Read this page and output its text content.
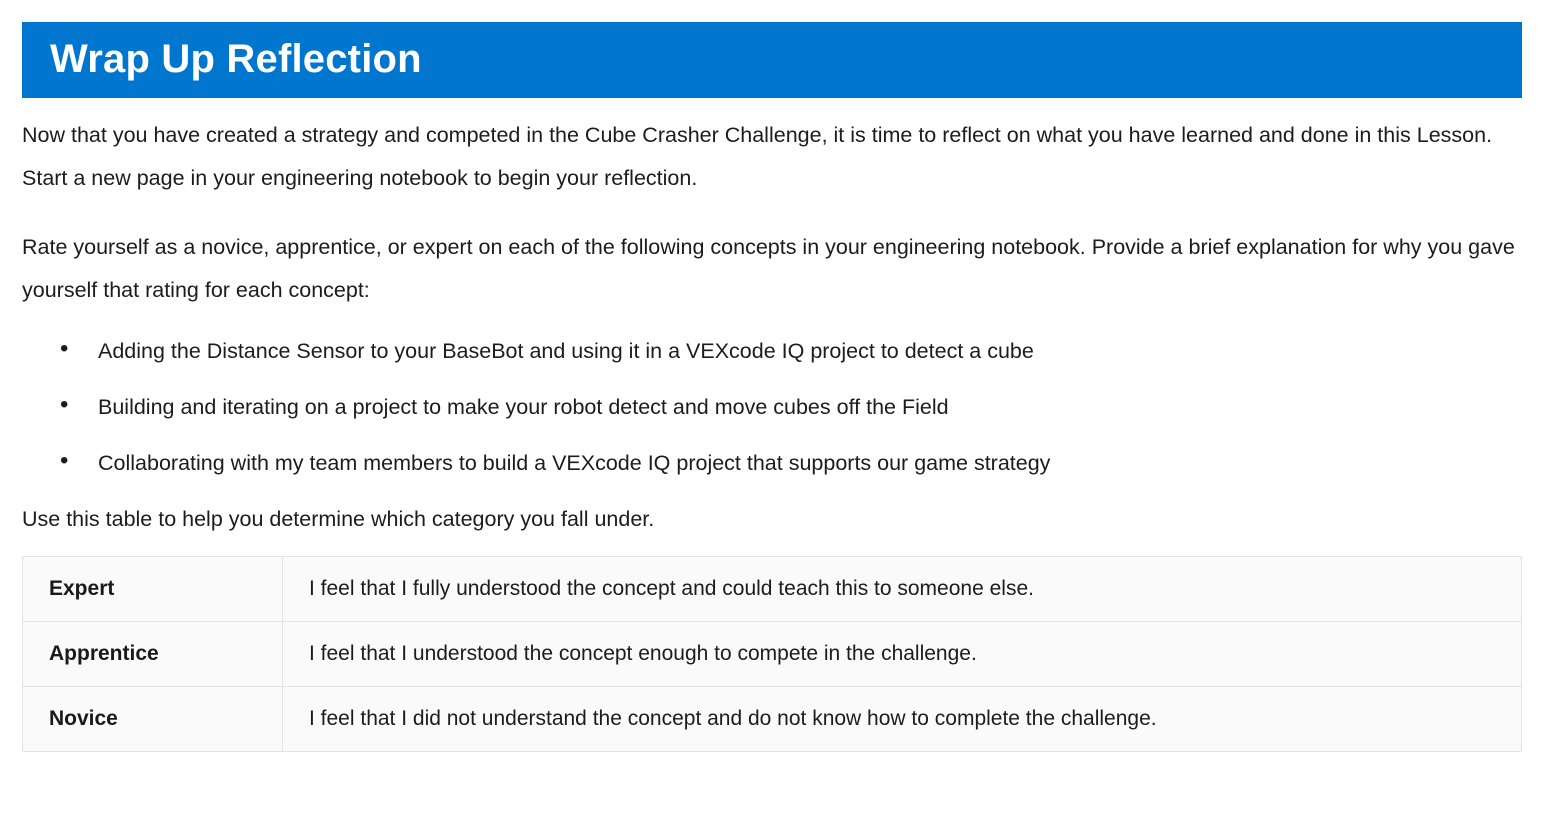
Wrap Up Reflection

Now that you have created a strategy and competed in the Cube Crasher Challenge, it is time to reflect on what you have learned and done in this Lesson. Start a new page in your engineering notebook to begin your reflection.

Rate yourself as a novice, apprentice, or expert on each of the following concepts in your engineering notebook. Provide a brief explanation for why you gave yourself that rating for each concept:

• Adding the Distance Sensor to your BaseBot and using it in a VEXcode IQ project to detect a cube
• Building and iterating on a project to make your robot detect and move cubes off the Field
• Collaborating with my team members to build a VEXcode IQ project that supports our game strategy

Use this table to help you determine which category you fall under.

Expert	I feel that I fully understood the concept and could teach this to someone else.
Apprentice	I feel that I understood the concept enough to compete in the challenge.
Novice	I feel that I did not understand the concept and do not know how to complete the challenge.
